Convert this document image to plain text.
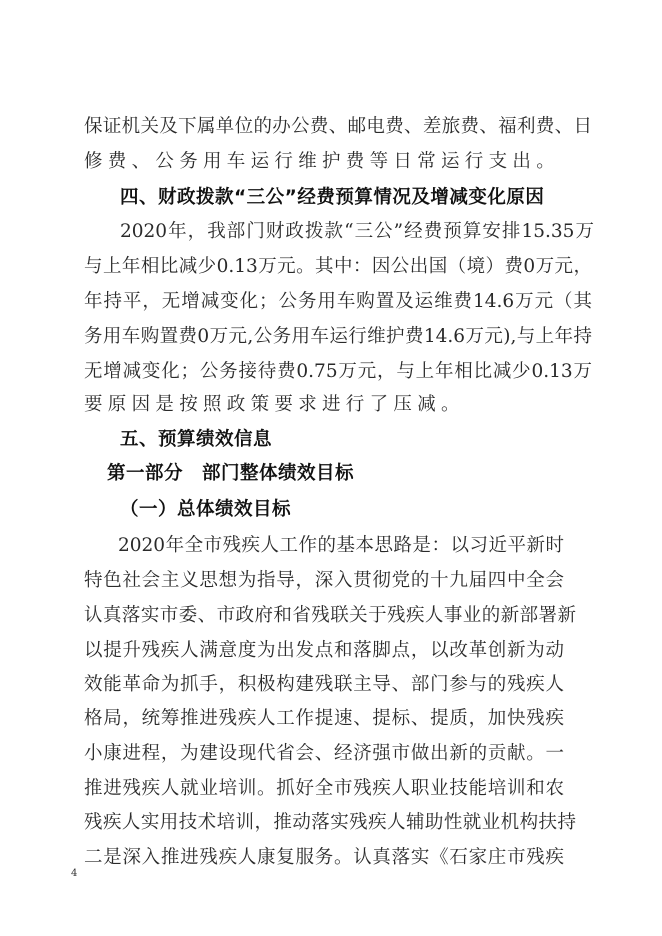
保证机关及下属单位的办公费、邮电费、差旅费、福利费、日
修费、公务用车运行维护费等日常运行支出。
四、财政拨款“三公”经费预算情况及增减变化原因
2020年，我部门财政拨款“三公”经费预算安排15.35万
与上年相比减少0.13万元。其中：因公出国（境）费0万元，
年持平，无增减变化；公务用车购置及运维费14.6万元（其
务用车购置费0万元,公务用车运行维护费14.6万元),与上年持
无增减变化；公务接待费0.75万元，与上年相比减少0.13万
要原因是按照政策要求进行了压减。
五、预算绩效信息
第一部分　部门整体绩效目标
（一）总体绩效目标
2020年全市残疾人工作的基本思路是：以习近平新时
特色社会主义思想为指导，深入贯彻党的十九届四中全会
认真落实市委、市政府和省残联关于残疾人事业的新部署新
以提升残疾人满意度为出发点和落脚点，以改革创新为动
效能革命为抓手，积极构建残联主导、部门参与的残疾人
格局，统筹推进残疾人工作提速、提标、提质，加快残疾
小康进程，为建设现代省会、经济强市做出新的贡献。一
推进残疾人就业培训。抓好全市残疾人职业技能培训和农
残疾人实用技术培训，推动落实残疾人辅助性就业机构扶持
二是深入推进残疾人康复服务。认真落实《石家庄市残疾
4
